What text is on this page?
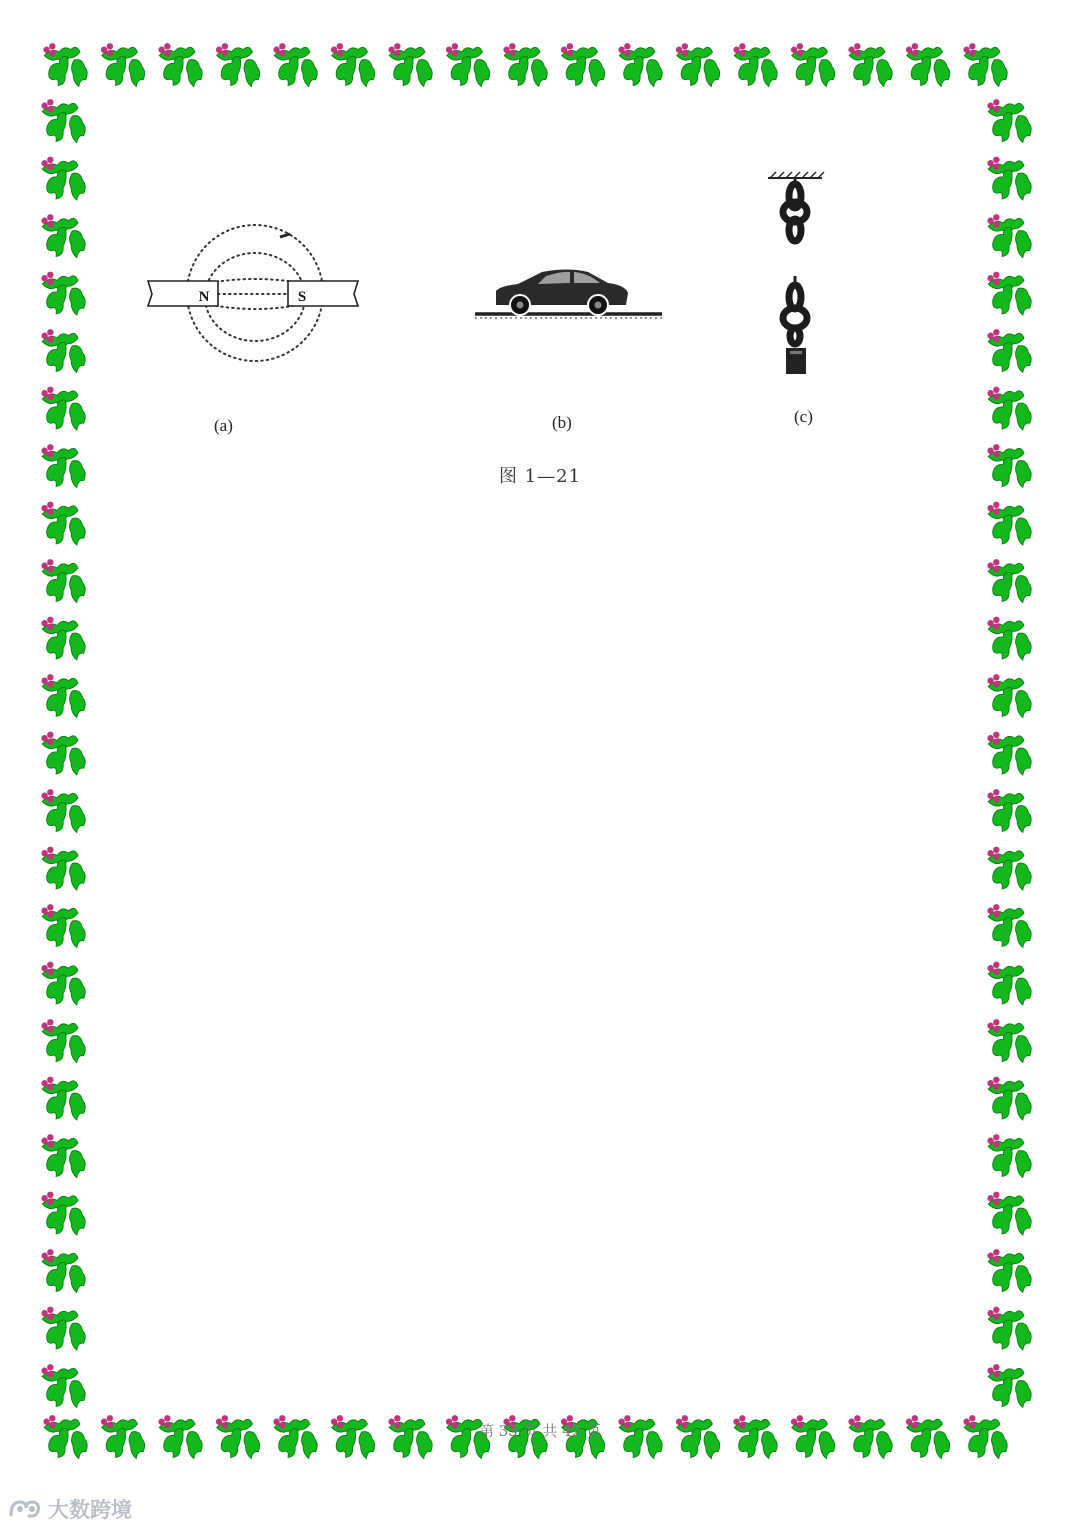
N	S
(a)	(b)	(c)
图 1—21
第 35 页 共 42 页
大数跨境
